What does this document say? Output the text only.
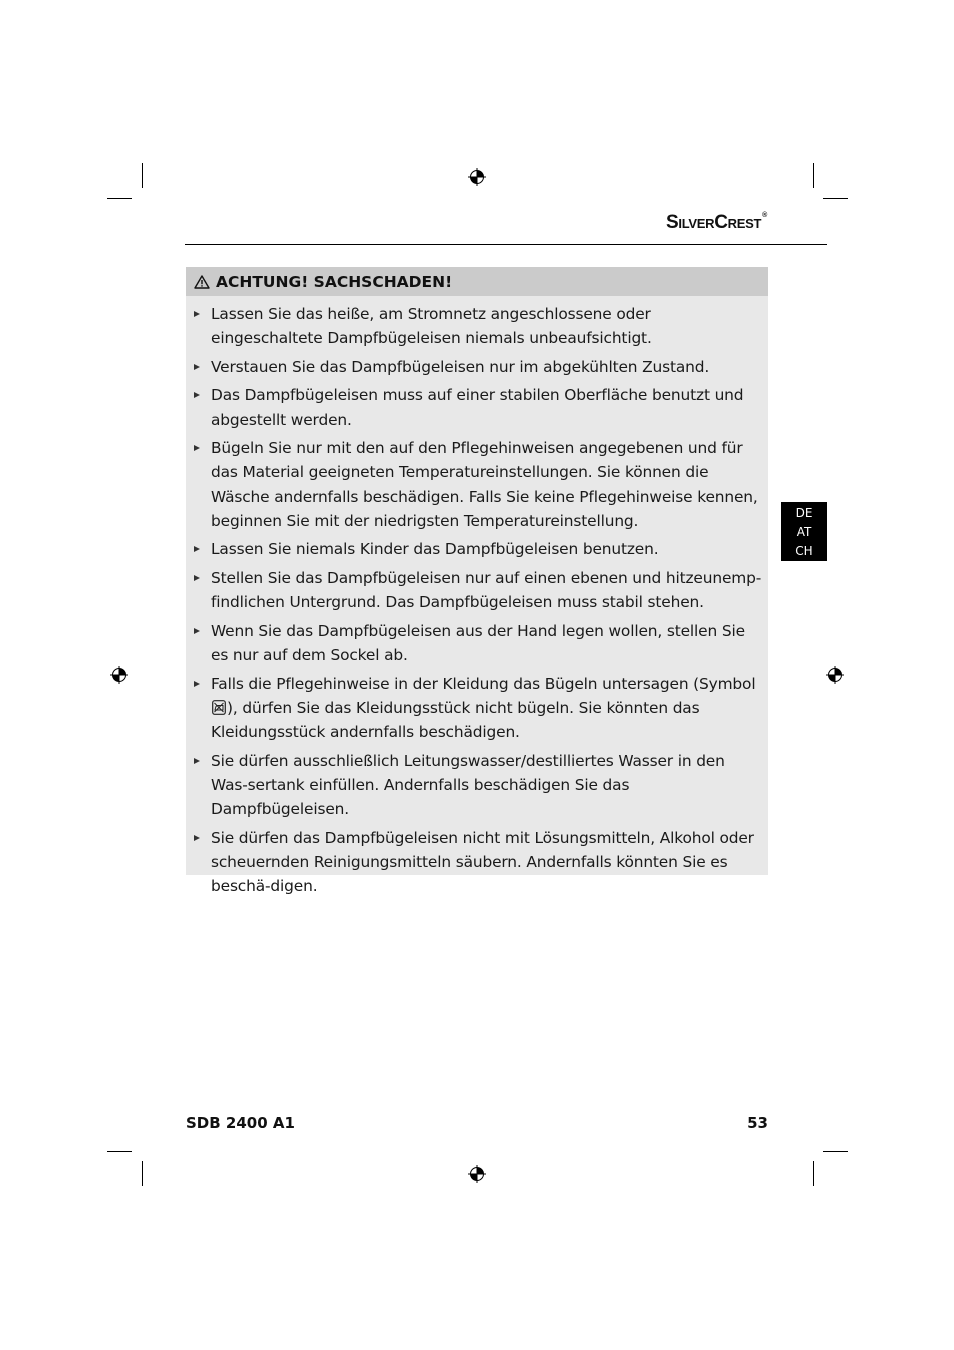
SilverCrest®
DE
AT
CH
ACHTUNG! SACHSCHADEN!
Lassen Sie das heiße, am Stromnetz angeschlossene oder eingeschaltete Dampfbügeleisen niemals unbeaufsichtigt.
Verstauen Sie das Dampfbügeleisen nur im abgekühlten Zustand.
Das Dampfbügeleisen muss auf einer stabilen Oberfläche benutzt und abgestellt werden.
Bügeln Sie nur mit den auf den Pflegehinweisen angegebenen und für das Material geeigneten Temperatureinstellungen. Sie können die Wäsche andernfalls beschädigen. Falls Sie keine Pflegehinweise kennen, beginnen Sie mit der niedrigsten Temperatureinstellung.
Lassen Sie niemals Kinder das Dampfbügeleisen benutzen.
Stellen Sie das Dampfbügeleisen nur auf einen ebenen und hitzeunemp-findlichen Untergrund. Das Dampfbügeleisen muss stabil stehen.
Wenn Sie das Dampfbügeleisen aus der Hand legen wollen, stellen Sie es nur auf dem Sockel ab.
Falls die Pflegehinweise in der Kleidung das Bügeln untersagen (Symbol ), dürfen Sie das Kleidungsstück nicht bügeln. Sie könnten das Kleidungsstück andernfalls beschädigen.
Sie dürfen ausschließlich Leitungswasser/destilliertes Wasser in den Was-sertank einfüllen. Andernfalls beschädigen Sie das Dampfbügeleisen.
Sie dürfen das Dampfbügeleisen nicht mit Lösungsmitteln, Alkohol oder scheuernden Reinigungsmitteln säubern. Andernfalls könnten Sie es beschä-digen.
SDB 2400 A1	53
